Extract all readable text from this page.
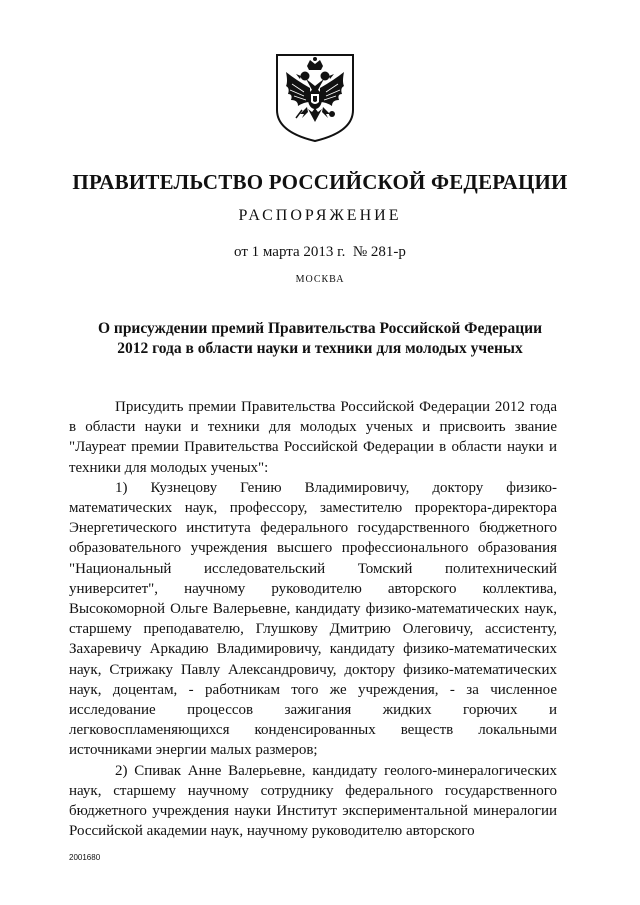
ПРАВИТЕЛЬСТВО РОССИЙСКОЙ ФЕДЕРАЦИИ
РАСПОРЯЖЕНИЕ
от 1 марта 2013 г. № 281-р
МОСКВА
О присуждении премий Правительства Российской Федерации
2012 года в области науки и техники для молодых ученых

Присудить премии Правительства Российской Федерации 2012 года в области науки и техники для молодых ученых и присвоить звание "Лауреат премии Правительства Российской Федерации в области науки и техники для молодых ученых":

1) Кузнецову Гению Владимировичу, доктору физико-математических наук, профессору, заместителю проректора-директора Энергетического института федерального государственного бюджетного образовательного учреждения высшего профессионального образования "Национальный исследовательский Томский политехнический университет", научному руководителю авторского коллектива, Высокоморной Ольге Валерьевне, кандидату физико-математических наук, старшему преподавателю, Глушкову Дмитрию Олеговичу, ассистенту, Захаревичу Аркадию Владимировичу, кандидату физико-математических наук, Стрижаку Павлу Александровичу, доктору физико-математических наук, доцентам, - работникам того же учреждения, - за численное исследование процессов зажигания жидких горючих и легковоспламеняющихся конденсированных веществ локальными источниками энергии малых размеров;

2) Спивак Анне Валерьевне, кандидату геолого-минералогических наук, старшему научному сотруднику федерального государственного бюджетного учреждения науки Институт экспериментальной минералогии Российской академии наук, научному руководителю авторского

2001680
